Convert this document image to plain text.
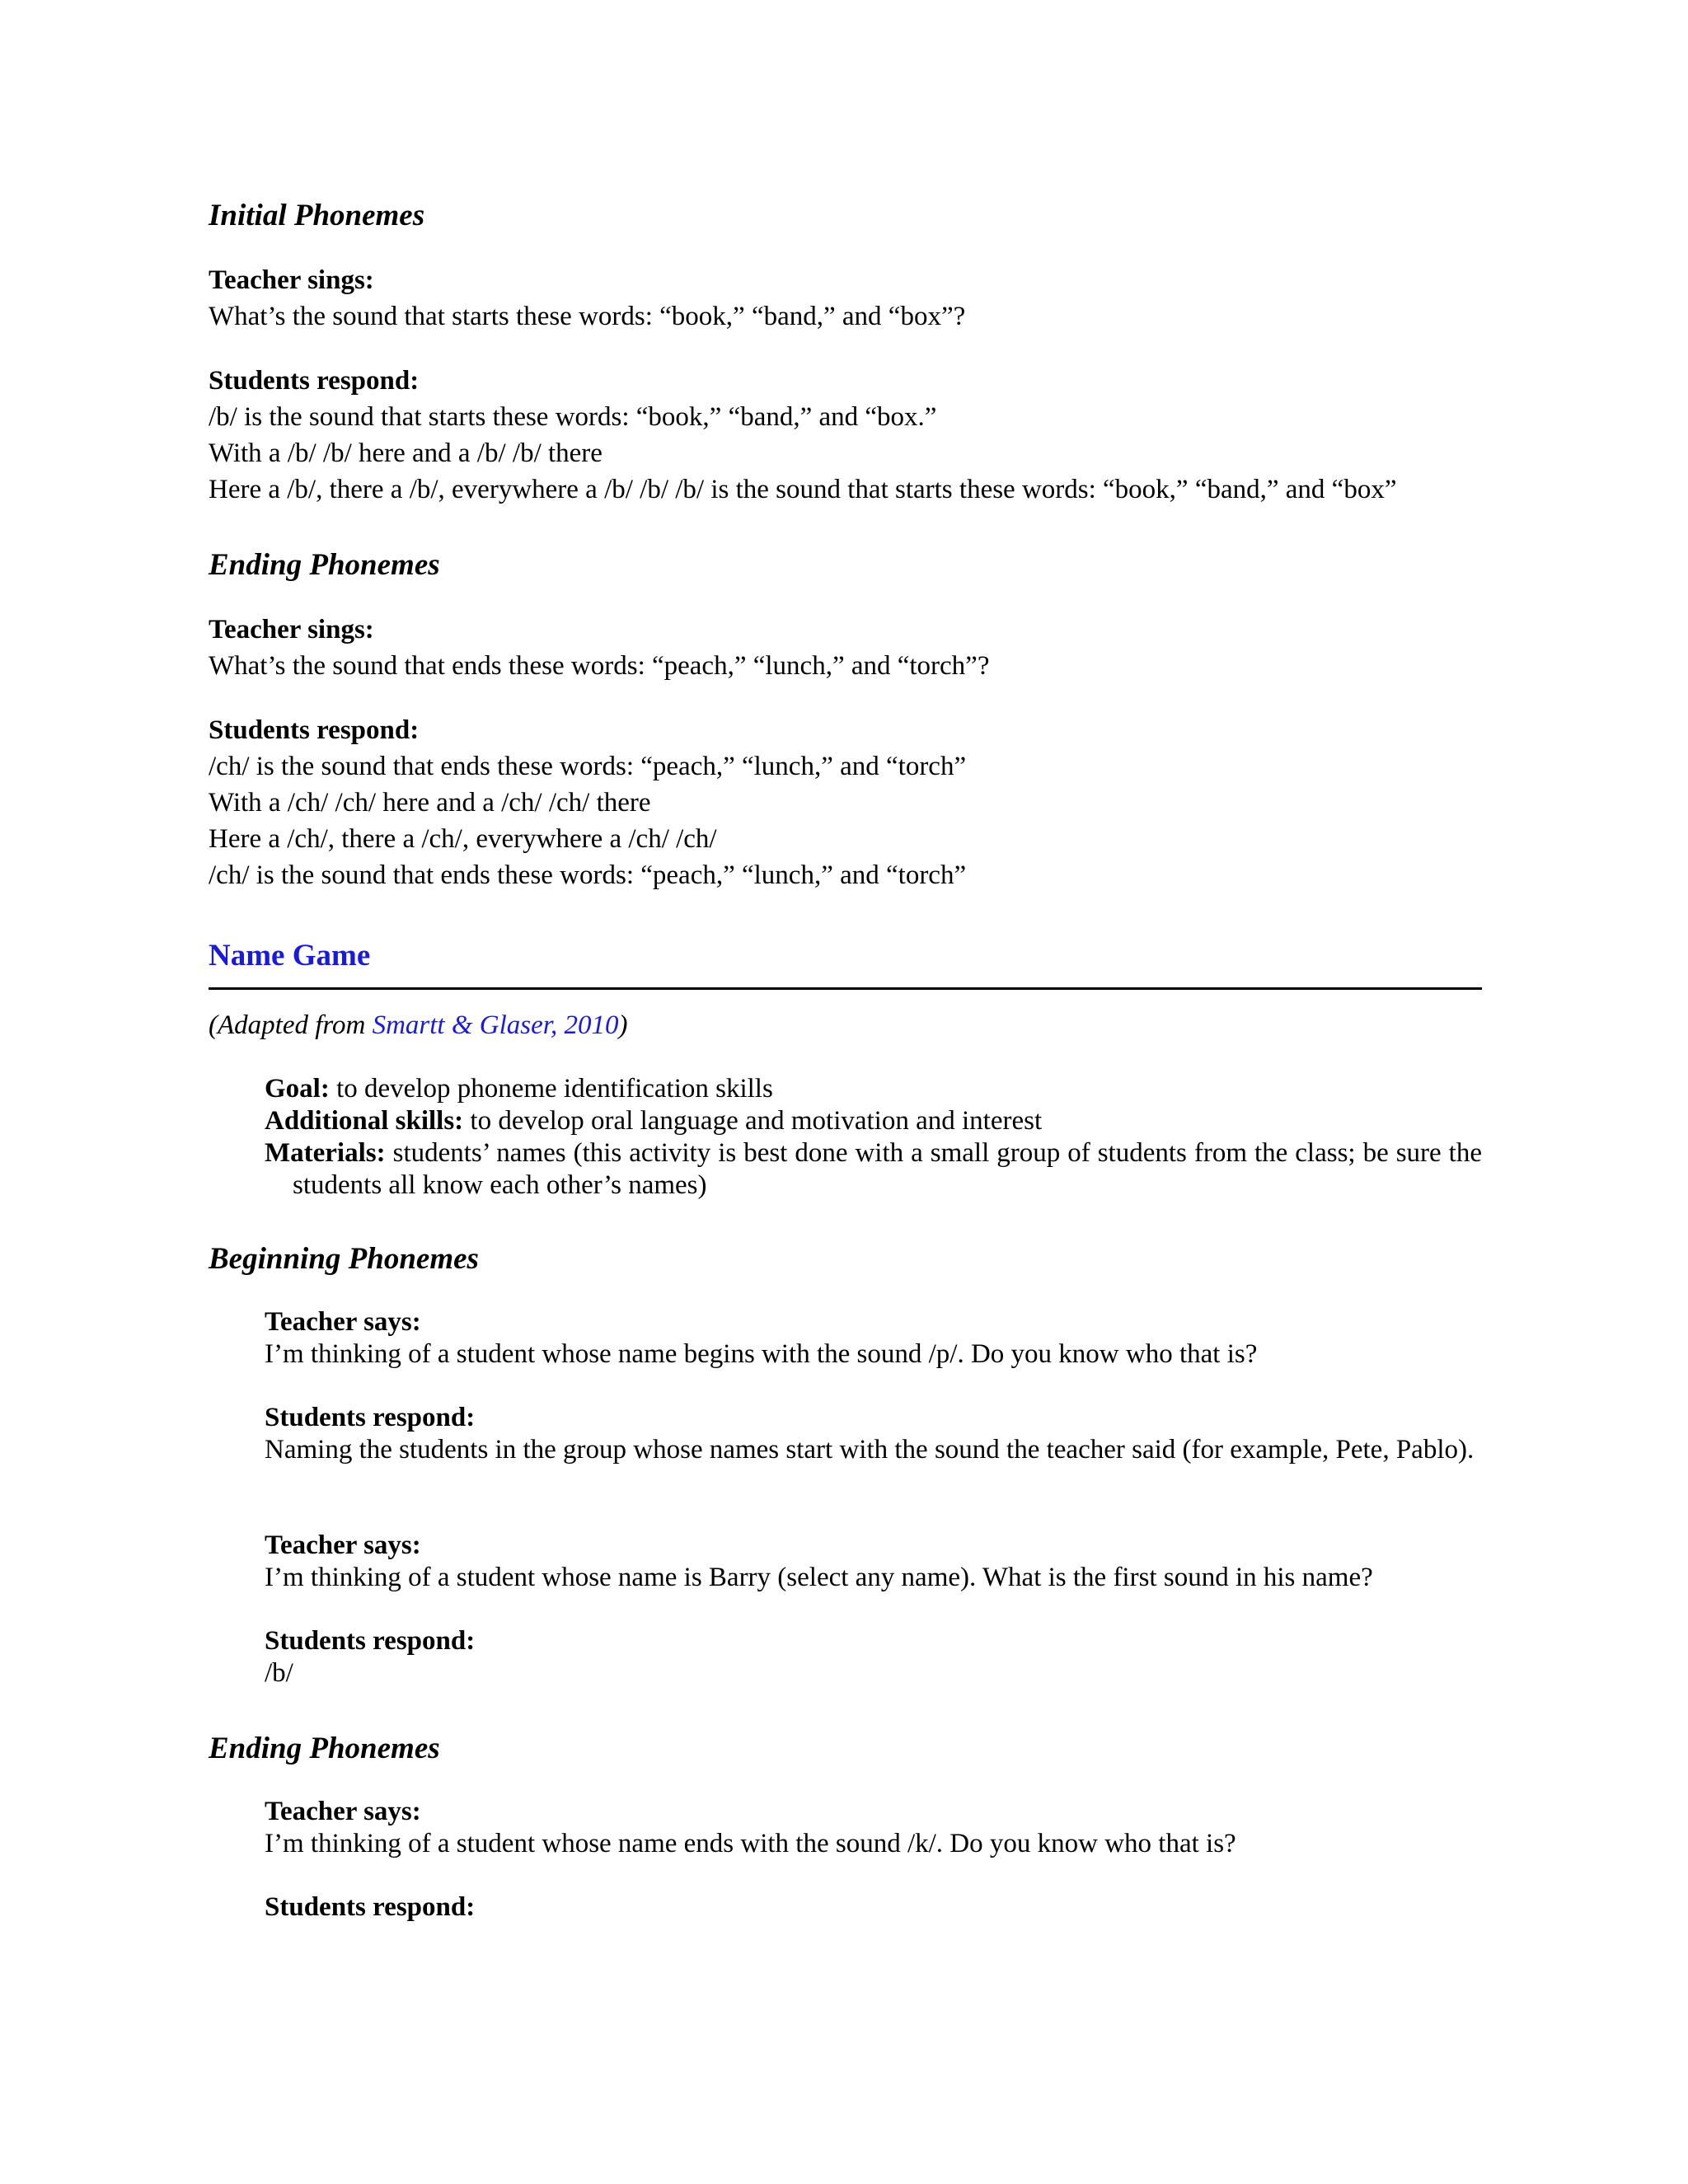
Initial Phonemes
Teacher sings:
What’s the sound that starts these words: “book,” “band,” and “box”?
Students respond:
/b/ is the sound that starts these words: “book,” “band,” and “box.”
With a /b/ /b/ here and a /b/ /b/ there
Here a /b/, there a /b/, everywhere a /b/ /b/ /b/ is the sound that starts these words: “book,” “band,” and “box”
Ending Phonemes
Teacher sings:
What’s the sound that ends these words: “peach,” “lunch,” and “torch”?
Students respond:
/ch/ is the sound that ends these words: “peach,” “lunch,” and “torch”
With a /ch/ /ch/ here and a /ch/ /ch/ there
Here a /ch/, there a /ch/, everywhere a /ch/ /ch/
/ch/ is the sound that ends these words: “peach,” “lunch,” and “torch”
Name Game
(Adapted from Smartt & Glaser, 2010)
Goal: to develop phoneme identification skills
Additional skills: to develop oral language and motivation and interest
Materials: students’ names (this activity is best done with a small group of students from the class; be sure the students all know each other’s names)
Beginning Phonemes
Teacher says:
I’m thinking of a student whose name begins with the sound /p/. Do you know who that is?
Students respond:
Naming the students in the group whose names start with the sound the teacher said (for example, Pete, Pablo).
Teacher says:
I’m thinking of a student whose name is Barry (select any name). What is the first sound in his name?
Students respond:
/b/
Ending Phonemes
Teacher says:
I’m thinking of a student whose name ends with the sound /k/. Do you know who that is?
Students respond:
